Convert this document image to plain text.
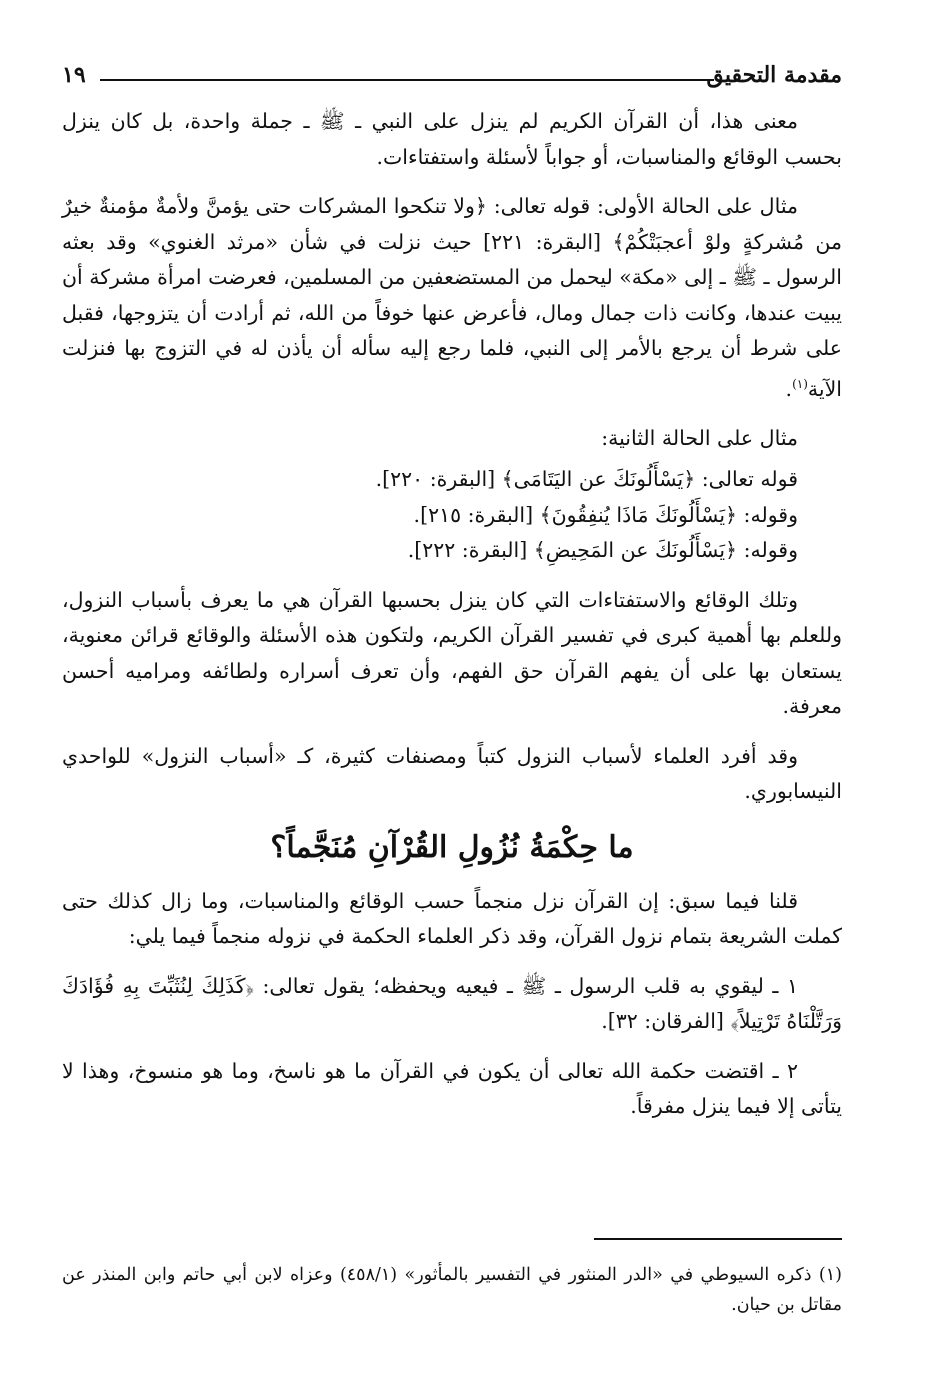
مقدمة التحقيق
١٩

معنى هذا، أن القرآن الكريم لم ينزل على النبي ـ ﷺ ـ جملة واحدة، بل كان ينزل بحسب الوقائع والمناسبات، أو جواباً لأسئلة واستفتاءات.

مثال على الحالة الأولى: قوله تعالى: ﴿ولا تنكحوا المشركات حتى يؤمنَّ ولأمةٌ مؤمنةٌ خيرٌ من مُشركةٍ ولوْ أعجبَتْكُمْ﴾ [البقرة: ٢٢١] حيث نزلت في شأن «مرثد الغنوي» وقد بعثه الرسول ـ ﷺ ـ إلى «مكة» ليحمل من المستضعفين من المسلمين، فعرضت امرأة مشركة أن يبيت عندها، وكانت ذات جمال ومال، فأعرض عنها خوفاً من الله، ثم أرادت أن يتزوجها، فقبل على شرط أن يرجع بالأمر إلى النبي، فلما رجع إليه سأله أن يأذن له في التزوج بها فنزلت الآية$^{(١)}$.

مثال على الحالة الثانية:

قوله تعالى: ﴿يَسْأَلُونَكَ عن اليَتَامَى﴾ [البقرة: ٢٢٠].

وقوله: ﴿يَسْأَلُونَكَ مَاذَا يُنفِقُونَ﴾ [البقرة: ٢١٥].

وقوله: ﴿يَسْأَلُونَكَ عن المَحِيضِ﴾ [البقرة: ٢٢٢].

وتلك الوقائع والاستفتاءات التي كان ينزل بحسبها القرآن هي ما يعرف بأسباب النزول، وللعلم بها أهمية كبرى في تفسير القرآن الكريم، ولتكون هذه الأسئلة والوقائع قرائن معنوية، يستعان بها على أن يفهم القرآن حق الفهم، وأن تعرف أسراره ولطائفه ومراميه أحسن معرفة.

وقد أفرد العلماء لأسباب النزول كتباً ومصنفات كثيرة، كـ «أسباب النزول» للواحدي النيسابوري.

ما حِكْمَةُ نُزُولِ القُرْآنِ مُنَجَّماً؟

قلنا فيما سبق: إن القرآن نزل منجماً حسب الوقائع والمناسبات، وما زال كذلك حتى كملت الشريعة بتمام نزول القرآن، وقد ذكر العلماء الحكمة في نزوله منجماً فيما يلي:

١ ـ ليقوي به قلب الرسول ـ ﷺ ـ فيعيه ويحفظه؛ يقول تعالى: ﴿كَذَلِكَ لِنُثَبِّتَ بِهِ فُؤَادَكَ وَرَتَّلْنَاهُ تَرْتِيلاً﴾ [الفرقان: ٣٢].

٢ ـ اقتضت حكمة الله تعالى أن يكون في القرآن ما هو ناسخ، وما هو منسوخ، وهذا لا يتأتى إلا فيما ينزل مفرقاً.

(١) ذكره السيوطي في «الدر المنثور في التفسير بالمأثور» (٤٥٨/١) وعزاه لابن أبي حاتم وابن المنذر عن مقاتل بن حيان.
